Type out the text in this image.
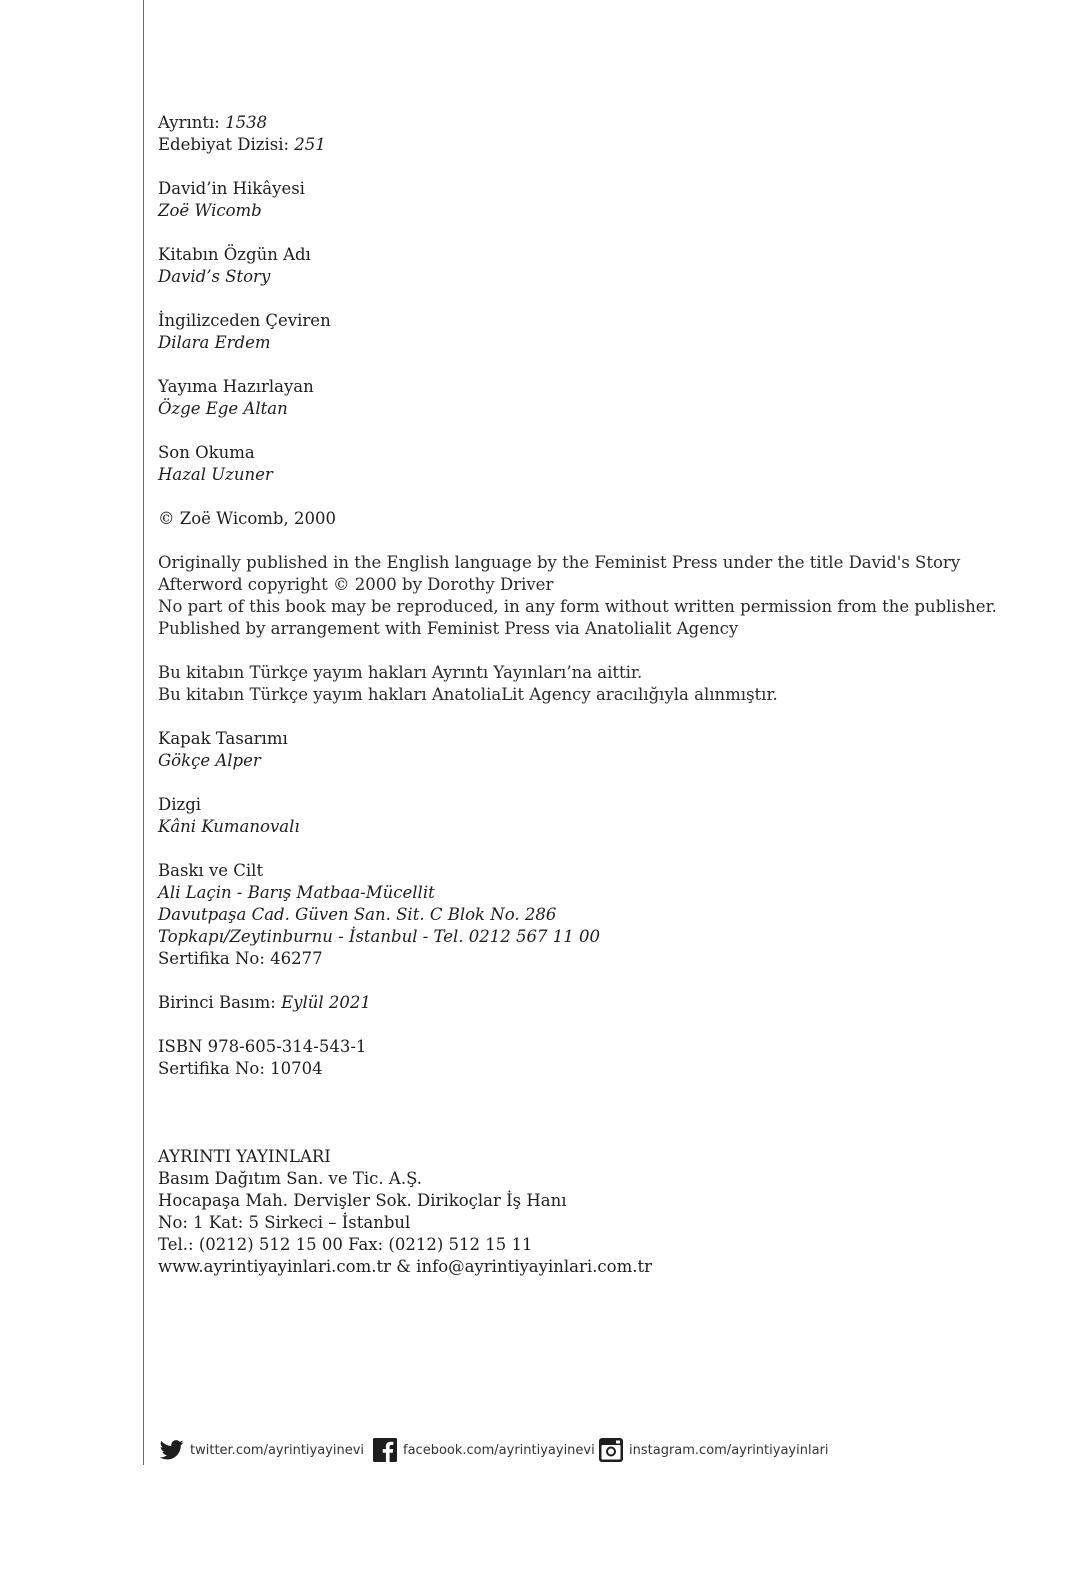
Ayrıntı: 1538
Edebiyat Dizisi: 251
David’in Hikâyesi
Zoë Wicomb
Kitabın Özgün Adı
David’s Story
İngilizceden Çeviren
Dilara Erdem
Yayıma Hazırlayan
Özge Ege Altan
Son Okuma
Hazal Uzuner
© Zoë Wicomb, 2000
Originally published in the English language by the Feminist Press under the title David's Story
Afterword copyright © 2000 by Dorothy Driver
No part of this book may be reproduced, in any form without written permission from the publisher.
Published by arrangement with Feminist Press via Anatolialit Agency
Bu kitabın Türkçe yayım hakları Ayrıntı Yayınları’na aittir.
Bu kitabın Türkçe yayım hakları AnatoliaLit Agency aracılığıyla alınmıştır.
Kapak Tasarımı
Gökçe Alper
Dizgi
Kâni Kumanovalı
Baskı ve Cilt
Ali Laçin - Barış Matbaa-Mücellit
Davutpaşa Cad. Güven San. Sit. C Blok No. 286
Topkapı/Zeytinburnu - İstanbul - Tel. 0212 567 11 00
Sertifika No: 46277
Birinci Basım: Eylül 2021
ISBN 978-605-314-543-1
Sertifika No: 10704
AYRINTI YAYINLARI
Basım Dağıtım San. ve Tic. A.Ş.
Hocapaşa Mah. Dervişler Sok. Dirikoçlar İş Hanı
No: 1 Kat: 5 Sirkeci – İstanbul
Tel.: (0212) 512 15 00 Fax: (0212) 512 15 11
www.ayrintiyayinlari.com.tr & info@ayrintiyayinlari.com.tr
twitter.com/ayrintiyayinevi	facebook.com/ayrintiyayinevi	instagram.com/ayrintiyayinlari
